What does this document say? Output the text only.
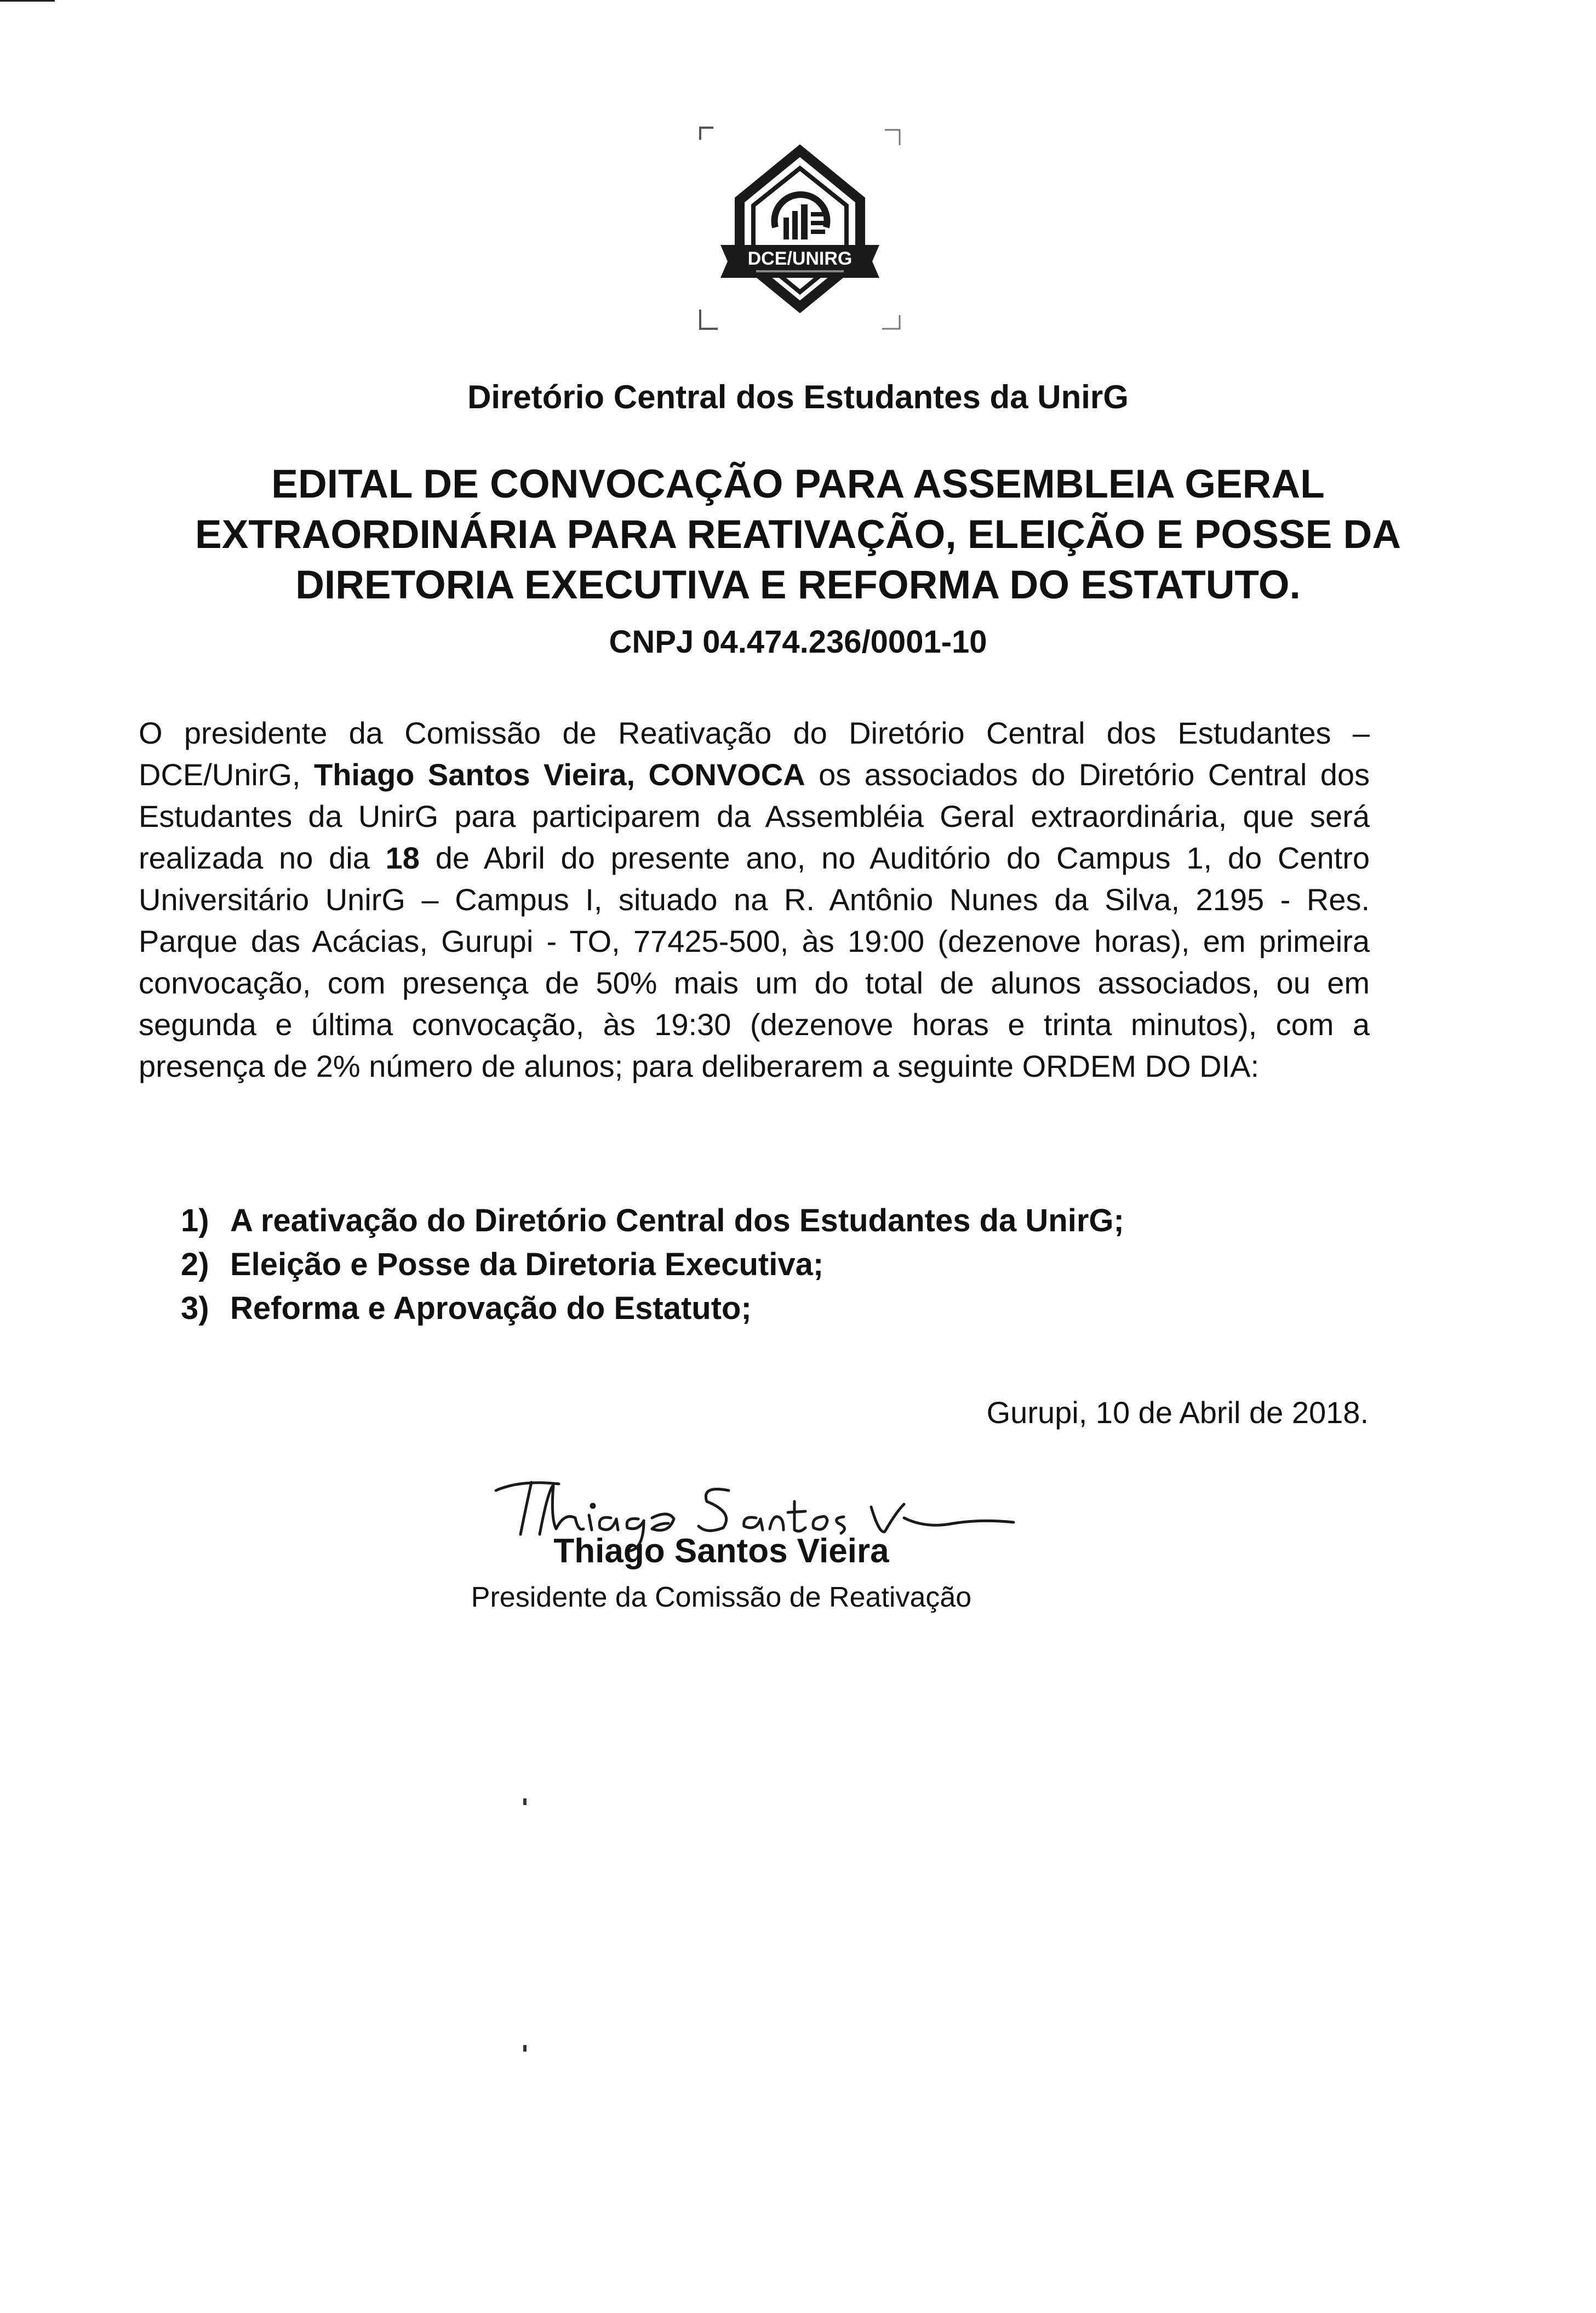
DCE/UNIRG
Diretório Central dos Estudantes da UnirG
EDITAL DE CONVOCAÇÃO PARA ASSEMBLEIA GERAL
EXTRAORDINÁRIA PARA REATIVAÇÃO, ELEIÇÃO E POSSE DA
DIRETORIA EXECUTIVA E REFORMA DO ESTATUTO.
CNPJ 04.474.236/0001-10
O presidente da Comissão de Reativação do Diretório Central dos Estudantes – DCE/UnirG, Thiago Santos Vieira, CONVOCA os associados do Diretório Central dos Estudantes da UnirG para participarem da Assembléia Geral extraordinária, que será realizada no dia 18 de Abril do presente ano, no Auditório do Campus 1, do Centro Universitário UnirG – Campus I, situado na R. Antônio Nunes da Silva, 2195 - Res. Parque das Acácias, Gurupi - TO, 77425-500, às 19:00 (dezenove horas), em primeira convocação, com presença de 50% mais um do total de alunos associados, ou em segunda e última convocação, às 19:30 (dezenove horas e trinta minutos), com a presença de 2% número de alunos; para deliberarem a seguinte ORDEM DO DIA:
1) A reativação do Diretório Central dos Estudantes da UnirG;
2) Eleição e Posse da Diretoria Executiva;
3) Reforma e Aprovação do Estatuto;
Gurupi, 10 de Abril de 2018.
Thiago Santos V
Thiago Santos Vieira
Presidente da Comissão de Reativação
